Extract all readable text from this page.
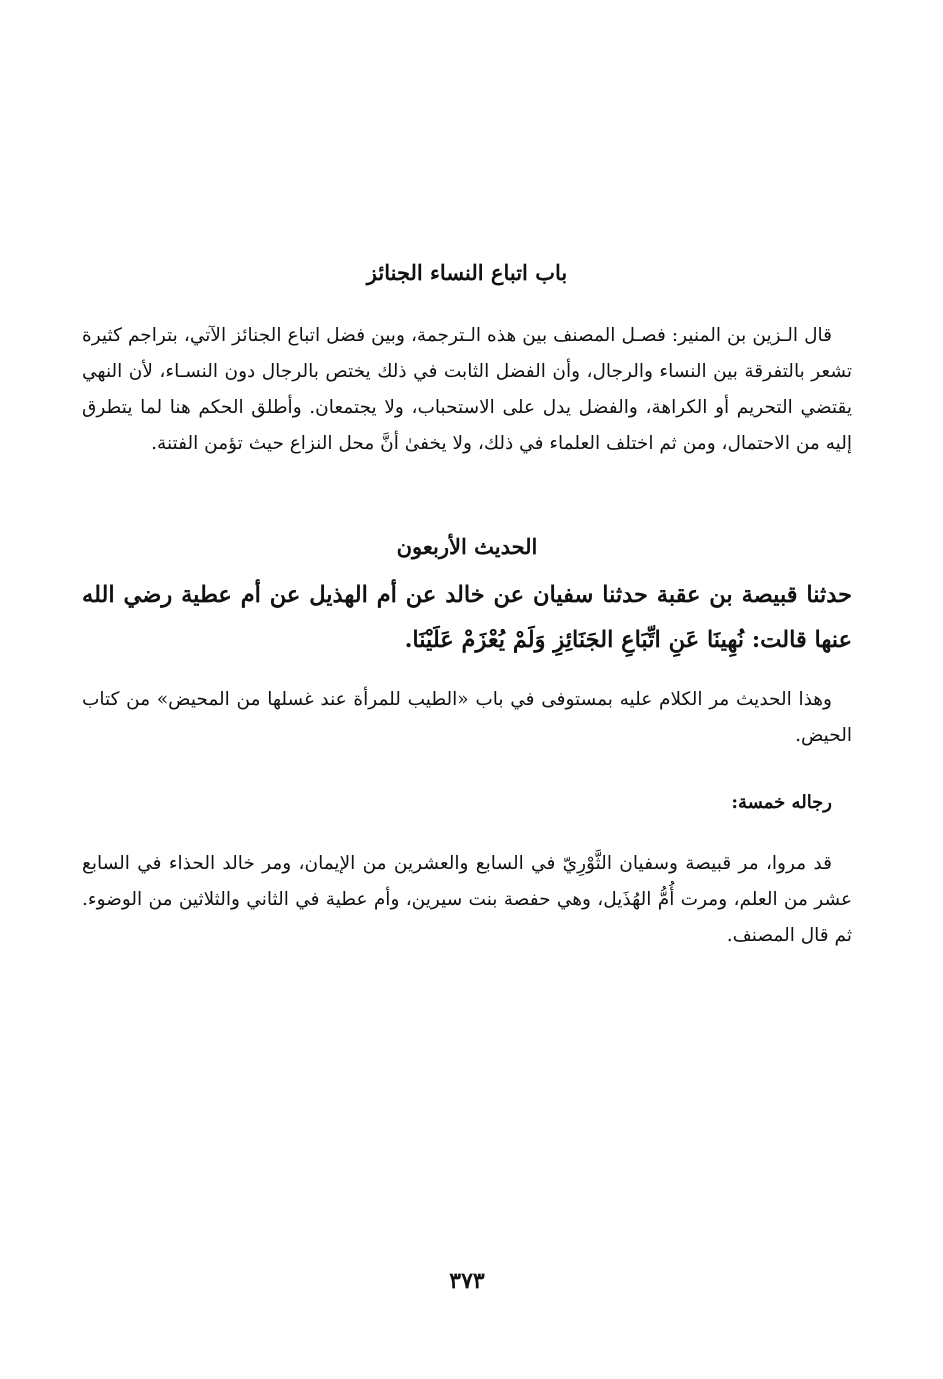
باب اتباع النساء الجنائز
قال الـزين بن المنير: فصـل المصنف بين هذه الـترجمة، وبين فضل اتباع الجنائز الآتي، بتراجم كثيرة تشعر بالتفرقة بين النساء والرجال، وأن الفضل الثابت في ذلك يختص بالرجال دون النسـاء، لأن النهي يقتضي التحريم أو الكراهة، والفضل يدل على الاستحباب، ولا يجتمعان. وأطلق الحكم هنا لما يتطرق إليه من الاحتمال، ومن ثم اختلف العلماء في ذلك، ولا يخفىٰ أنَّ محل النزاع حيث تؤمن الفتنة.
الحديث الأربعون
حدثنا قبيصة بن عقبة حدثنا سفيان عن خالد عن أم الهذيل عن أم عطية رضي الله عنها قالت: نُهِينَا عَنِ اتِّبَاعِ الجَنَائِزِ وَلَمْ يُعْزَمْ عَلَيْنَا.
وهذا الحديث مر الكلام عليه بمستوفى في باب «الطيب للمرأة عند غسلها من المحيض» من كتاب الحيض.
رجاله خمسة:
قد مروا، مر قبيصة وسفيان الثَّوْرِيّ في السابع والعشرين من الإيمان، ومر خالد الحذاء في السابع عشر من العلم، ومرت أُمُّ الهُذَيل، وهي حفصة بنت سيرين، وأم عطية في الثاني والثلاثين من الوضوء. ثم قال المصنف.
٣٧٣
